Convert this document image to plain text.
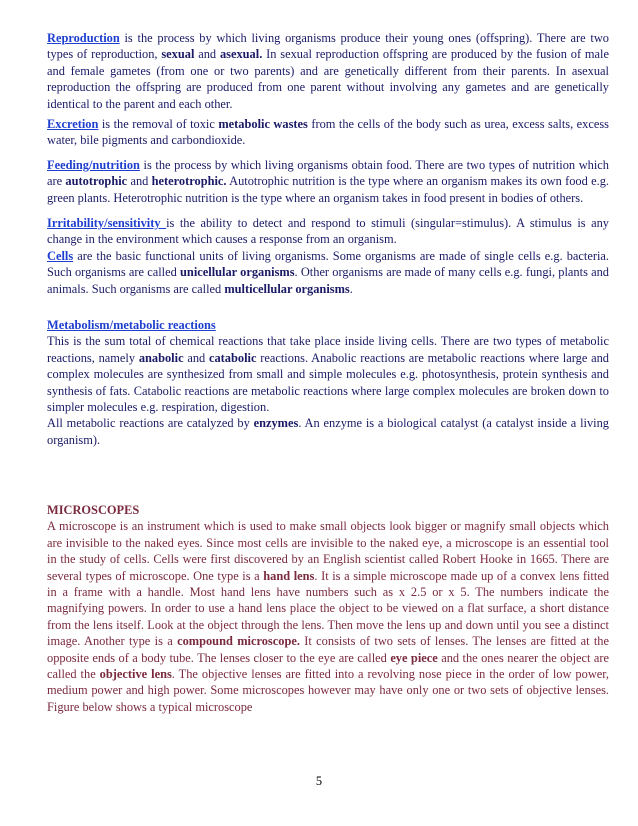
Reproduction is the process by which living organisms produce their young ones (offspring). There are two types of reproduction, sexual and asexual. In sexual reproduction offspring are produced by the fusion of male and female gametes (from one or two parents) and are genetically different from their parents. In asexual reproduction the offspring are produced from one parent without involving any gametes and are genetically identical to the parent and each other.

Excretion is the removal of toxic metabolic wastes from the cells of the body such as urea, excess salts, excess water, bile pigments and carbondioxide.

Feeding/nutrition is the process by which living organisms obtain food. There are two types of nutrition which are autotrophic and heterotrophic. Autotrophic nutrition is the type where an organism makes its own food e.g. green plants. Heterotrophic nutrition is the type where an organism takes in food present in bodies of others.

Irritability/sensitivity is the ability to detect and respond to stimuli (singular=stimulus). A stimulus is any change in the environment which causes a response from an organism.
Cells are the basic functional units of living organisms. Some organisms are made of single cells e.g. bacteria. Such organisms are called unicellular organisms. Other organisms are made of many cells e.g. fungi, plants and animals. Such organisms are called multicellular organisms.

Metabolism/metabolic reactions
This is the sum total of chemical reactions that take place inside living cells. There are two types of metabolic reactions, namely anabolic and catabolic reactions. Anabolic reactions are metabolic reactions where large and complex molecules are synthesized from small and simple molecules e.g. photosynthesis, protein synthesis and synthesis of fats. Catabolic reactions are metabolic reactions where large complex molecules are broken down to simpler molecules e.g. respiration, digestion.
All metabolic reactions are catalyzed by enzymes. An enzyme is a biological catalyst (a catalyst inside a living organism).

MICROSCOPES
A microscope is an instrument which is used to make small objects look bigger or magnify small objects which are invisible to the naked eyes. Since most cells are invisible to the naked eye, a microscope is an essential tool in the study of cells. Cells were first discovered by an English scientist called Robert Hooke in 1665. There are several types of microscope. One type is a hand lens. It is a simple microscope made up of a convex lens fitted in a frame with a handle. Most hand lens have numbers such as x 2.5 or x 5. The numbers indicate the magnifying powers. In order to use a hand lens place the object to be viewed on a flat surface, a short distance from the lens itself. Look at the object through the lens. Then move the lens up and down until you see a distinct image. Another type is a compound microscope. It consists of two sets of lenses. The lenses are fitted at the opposite ends of a body tube. The lenses closer to the eye are called eye piece and the ones nearer the object are called the objective lens. The objective lenses are fitted into a revolving nose piece in the order of low power, medium power and high power. Some microscopes however may have only one or two sets of objective lenses. Figure below shows a typical microscope

5
